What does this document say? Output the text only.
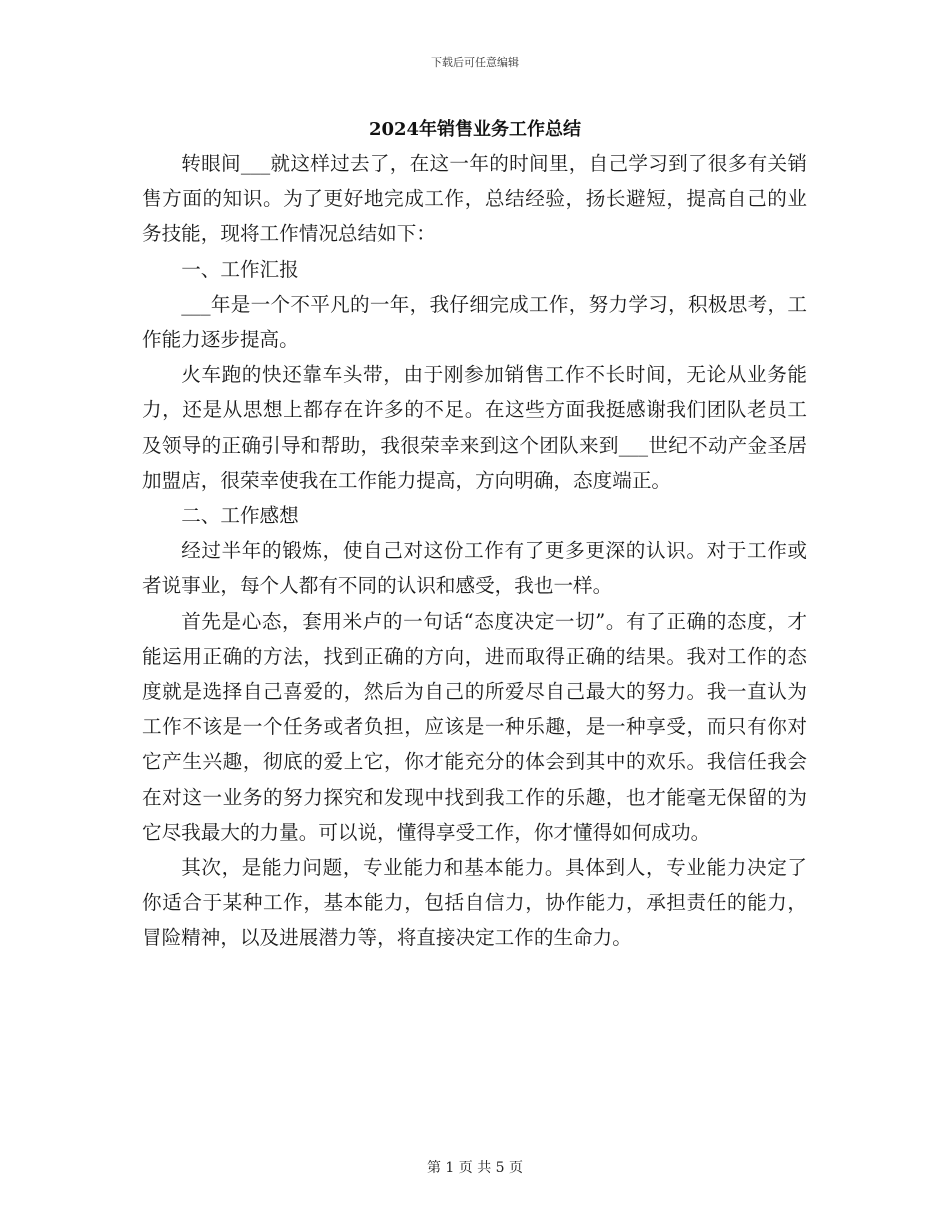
下载后可任意编辑
2024年销售业务工作总结

转眼间___就这样过去了，在这一年的时间里，自己学习到了很多有关销售方面的知识。为了更好地完成工作，总结经验，扬长避短，提高自己的业务技能，现将工作情况总结如下：

一、工作汇报

___年是一个不平凡的一年，我仔细完成工作，努力学习，积极思考，工作能力逐步提高。

火车跑的快还靠车头带，由于刚参加销售工作不长时间，无论从业务能力，还是从思想上都存在许多的不足。在这些方面我挺感谢我们团队老员工及领导的正确引导和帮助，我很荣幸来到这个团队来到___世纪不动产金圣居加盟店，很荣幸使我在工作能力提高，方向明确，态度端正。

二、工作感想

经过半年的锻炼，使自己对这份工作有了更多更深的认识。对于工作或者说事业，每个人都有不同的认识和感受，我也一样。

首先是心态，套用米卢的一句话“态度决定一切”。有了正确的态度，才能运用正确的方法，找到正确的方向，进而取得正确的结果。我对工作的态度就是选择自己喜爱的，然后为自己的所爱尽自己最大的努力。我一直认为工作不该是一个任务或者负担，应该是一种乐趣，是一种享受，而只有你对它产生兴趣，彻底的爱上它，你才能充分的体会到其中的欢乐。我信任我会在对这一业务的努力探究和发现中找到我工作的乐趣，也才能毫无保留的为它尽我最大的力量。可以说，懂得享受工作，你才懂得如何成功。

其次，是能力问题，专业能力和基本能力。具体到人，专业能力决定了你适合于某种工作，基本能力，包括自信力，协作能力，承担责任的能力，冒险精神，以及进展潜力等，将直接决定工作的生命力。

第 1 页 共 5 页
